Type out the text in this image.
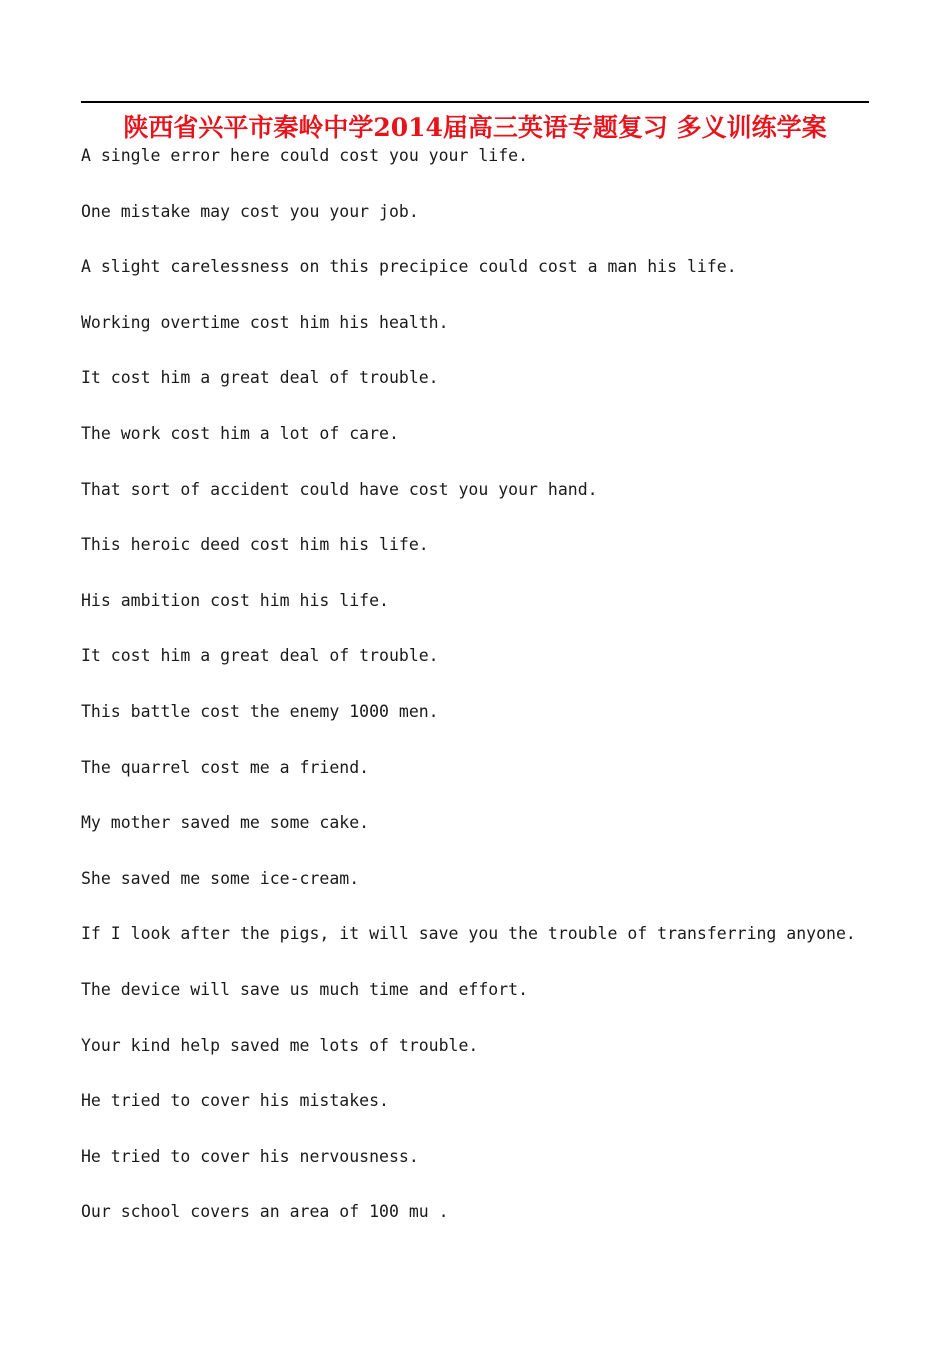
陕西省兴平市秦岭中学2014届高三英语专题复习 多义训练学案
A single error here could cost you your life.
One mistake may cost you your job.
A slight carelessness on this precipice could cost a man his life.
Working overtime cost him his health.
It cost him a great deal of trouble.
The work cost him a lot of care.
That sort of accident could have cost you your hand.
This heroic deed cost him his life.
His ambition cost him his life.
It cost him a great deal of trouble.
This battle cost the enemy 1000 men.
The quarrel cost me a friend.
My mother saved me some cake.
She saved me some ice-cream.
If I look after the pigs, it will save you the trouble of transferring anyone.
The device will save us much time and effort.
Your kind help saved me lots of trouble.
He tried to cover his mistakes.
He tried to cover his nervousness.
Our school covers an area of 100 mu .
